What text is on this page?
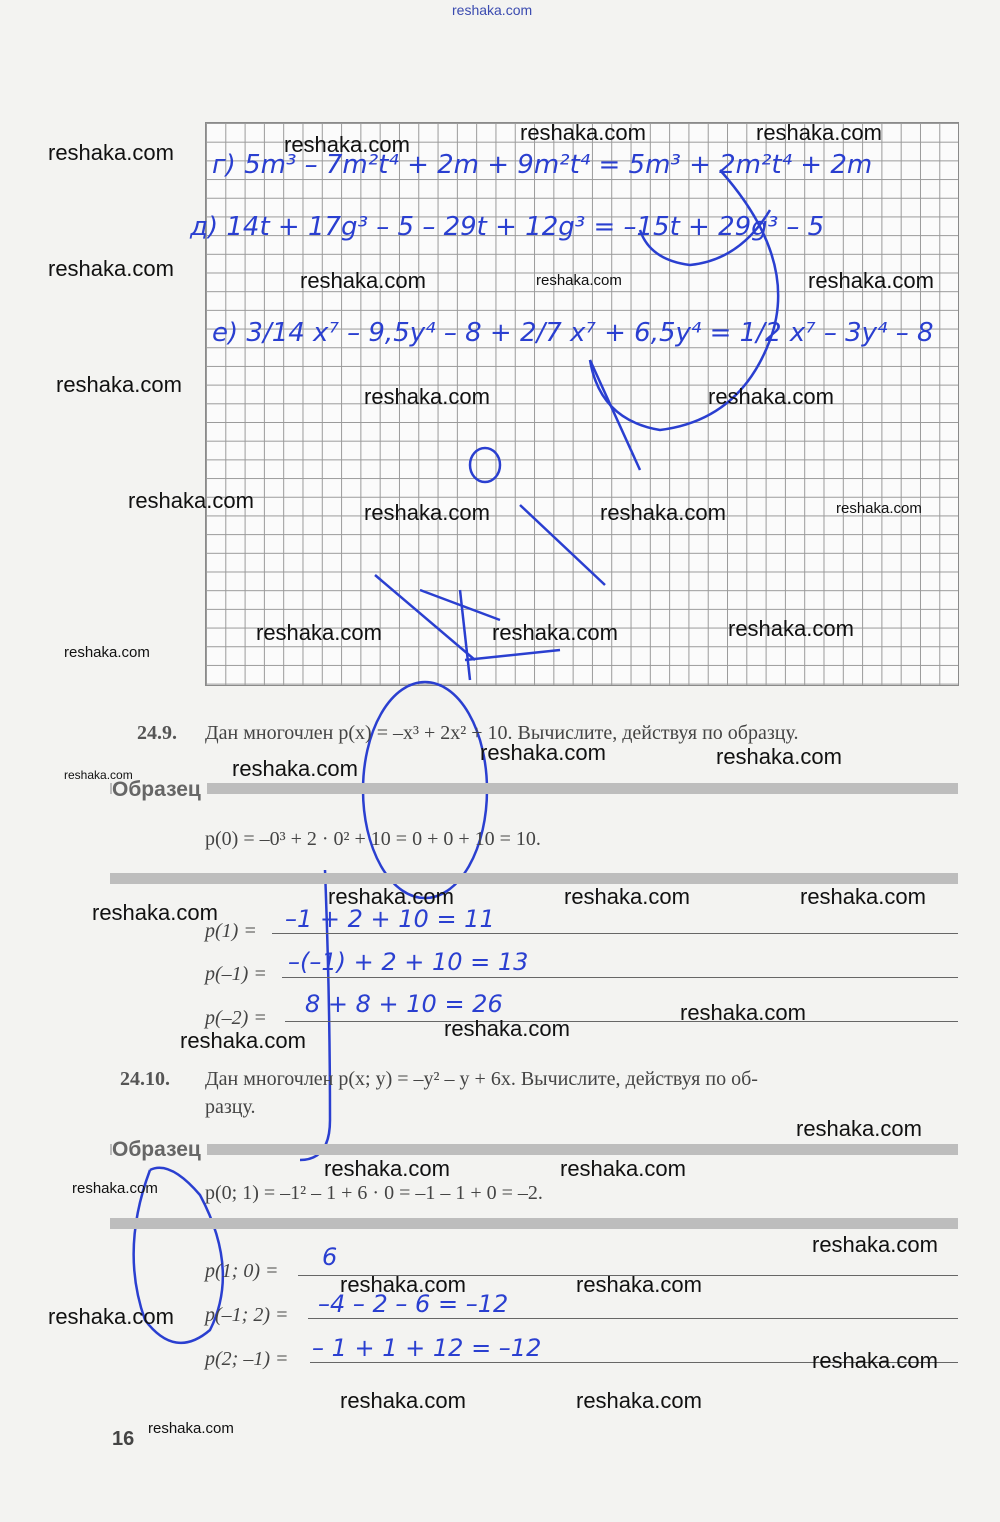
reshaka.com
г) 5m³ – 7m²t⁴ + 2m + 9m²t⁴ = 5m³ + 2m²t⁴ + 2m
д) 14t + 17g³ – 5 – 29t + 12g³ = –15t + 29g³ – 5
е) 3/14 x⁷ – 9,5y⁴ – 8 + 2/7 x⁷ + 6,5y⁴ = 1/2 x⁷ – 3y⁴ – 8
24.9. Дан многочлен p(x) = –x³ + 2x² + 10. Вычислите, действуя по образцу.
Образец
p(0) = –0³ + 2 · 0² + 10 = 0 + 0 + 10 = 10.
p(1) = –1 + 2 + 10 = 11
p(–1) = –(–1) + 2 + 10 = 13
p(–2) = 8 + 8 + 10 = 26
24.10. Дан многочлен p(x; y) = –y² – y + 6x. Вычислите, действуя по об-
разцу.
Образец
p(0; 1) = –1² – 1 + 6 · 0 = –1 – 1 + 0 = –2.
p(1; 0) = 6
p(–1; 2) = –4 – 2 – 6 = –12
p(2; –1) = – 1 + 1 + 12 = –12
16
reshaka.com	reshaka.com	reshaka.com	reshaka.com
reshaka.com	reshaka.com	reshaka.com	reshaka.com
reshaka.com	reshaka.com	reshaka.com
reshaka.com	reshaka.com	reshaka.com	reshaka.com
reshaka.com	reshaka.com	reshaka.com
reshaka.com
reshaka.com	reshaka.com
reshaka.com
reshaka.com
reshaka.com	reshaka.com	reshaka.com
reshaka.com
reshaka.com
reshaka.com
reshaka.com
reshaka.com
reshaka.com	reshaka.com
reshaka.com
reshaka.com
reshaka.com	reshaka.com
reshaka.com
reshaka.com
reshaka.com	reshaka.com
reshaka.com
